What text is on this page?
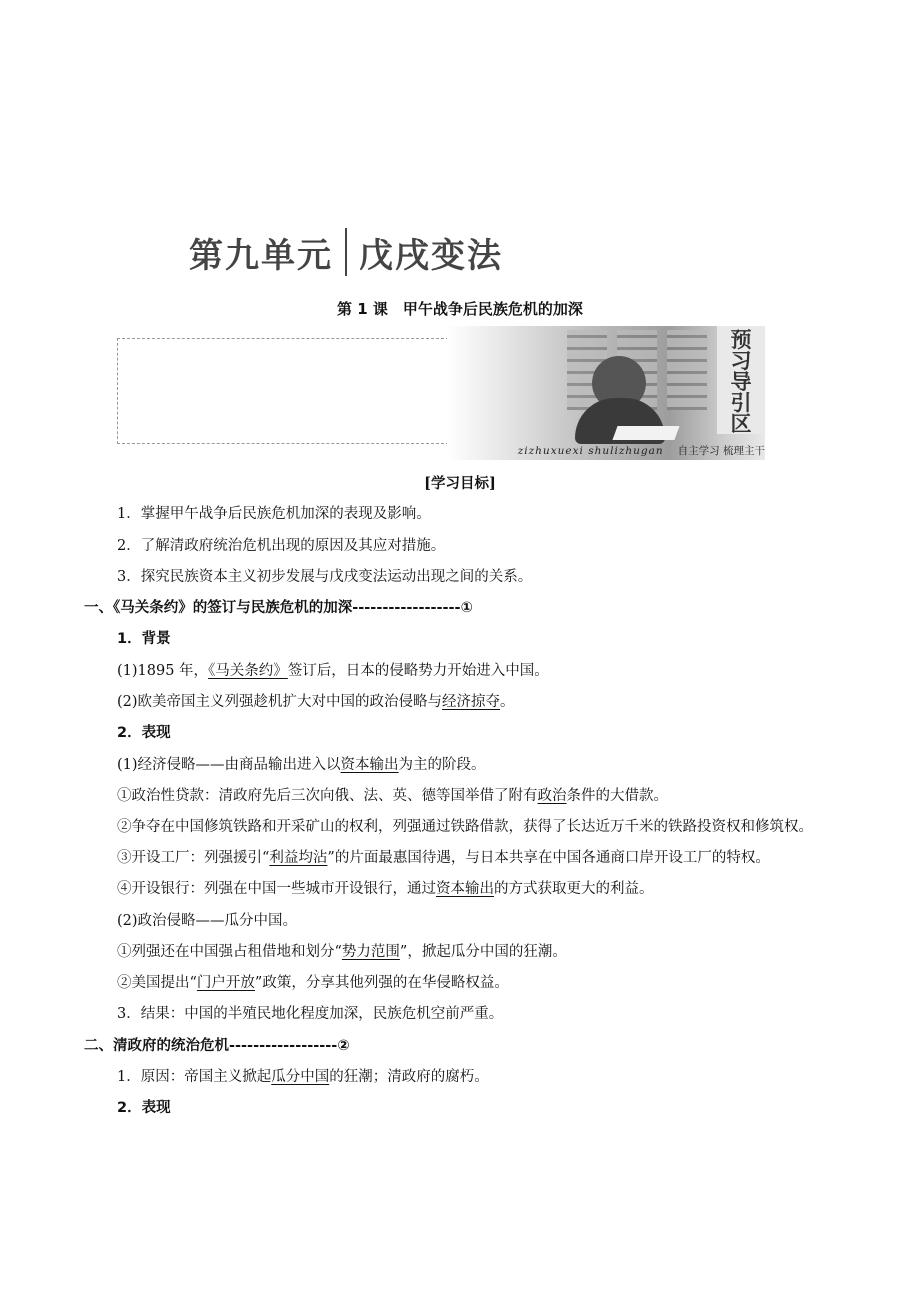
第九单元 戊戌变法
第 1 课　甲午战争后民族危机的加深
预
习
导
引
区
zizhuxuexi shulizhugan 自主学习 梳理主干

[学习目标]

1．掌握甲午战争后民族危机加深的表现及影响。

2．了解清政府统治危机出现的原因及其应对措施。

3．探究民族资本主义初步发展与戊戌变法运动出现之间的关系。

一、《马关条约》的签订与民族危机的加深------------------①

1．背景

(1)1895 年，《马关条约》签订后，日本的侵略势力开始进入中国。

(2)欧美帝国主义列强趁机扩大对中国的政治侵略与经济掠夺。

2．表现

(1)经济侵略——由商品输出进入以资本输出为主的阶段。

①政治性贷款：清政府先后三次向俄、法、英、德等国举借了附有政治条件的大借款。

②争夺在中国修筑铁路和开采矿山的权利，列强通过铁路借款，获得了长达近万千米的铁路投资权和修筑权。

③开设工厂：列强援引“利益均沾”的片面最惠国待遇，与日本共享在中国各通商口岸开设工厂的特权。

④开设银行：列强在中国一些城市开设银行，通过资本输出的方式获取更大的利益。

(2)政治侵略——瓜分中国。

①列强还在中国强占租借地和划分“势力范围”，掀起瓜分中国的狂潮。

②美国提出“门户开放”政策，分享其他列强的在华侵略权益。

3．结果：中国的半殖民地化程度加深，民族危机空前严重。

二、清政府的统治危机------------------②

1．原因：帝国主义掀起瓜分中国的狂潮；清政府的腐朽。

2．表现
